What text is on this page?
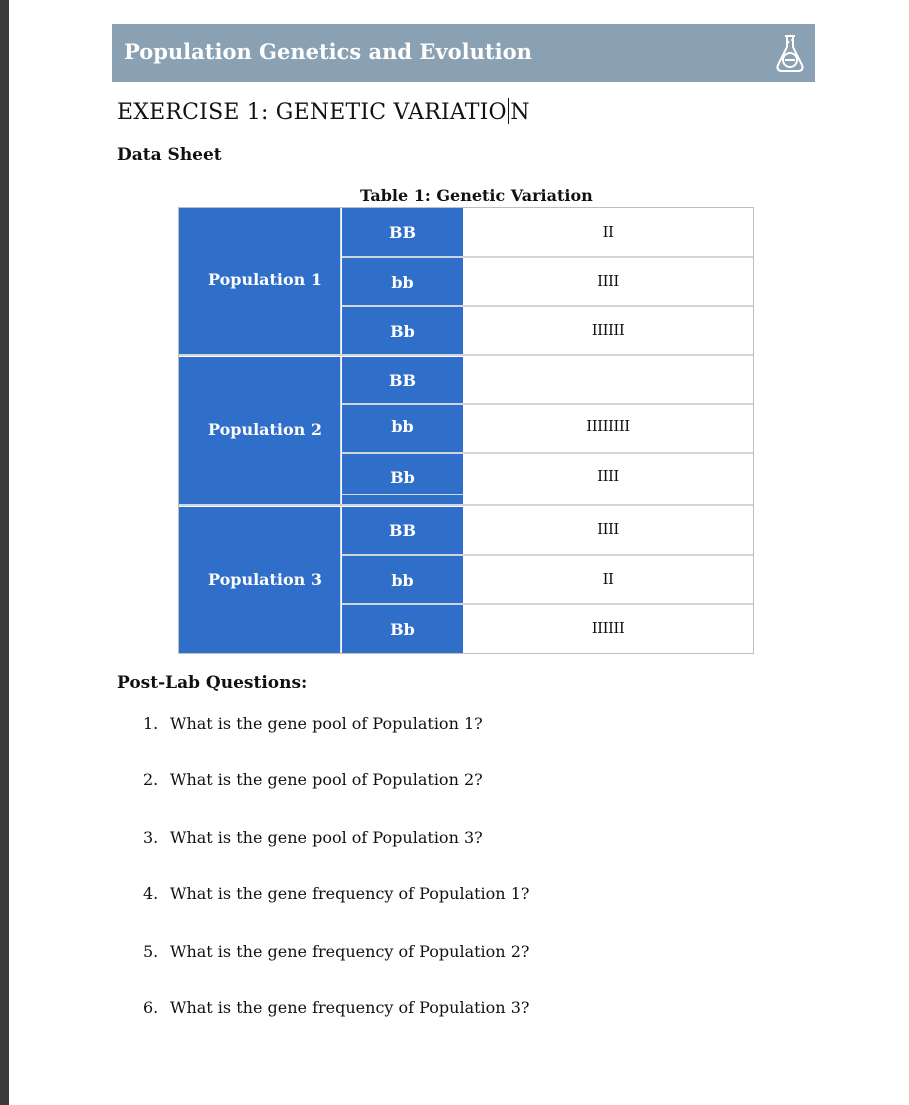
Population Genetics and Evolution
EXERCISE 1: GENETIC VARIATIO N
Data Sheet
Table 1: Genetic Variation
Population 1
BB	II
bb	IIII
Bb	IIIIII
Population 2
BB
bb	IIIIIIII
Bb	IIII
Population 3
BB	IIII
bb	II
Bb	IIIIII
Post-Lab Questions:
1. What is the gene pool of Population 1?
2. What is the gene pool of Population 2?
3. What is the gene pool of Population 3?
4. What is the gene frequency of Population 1?
5. What is the gene frequency of Population 2?
6. What is the gene frequency of Population 3?
